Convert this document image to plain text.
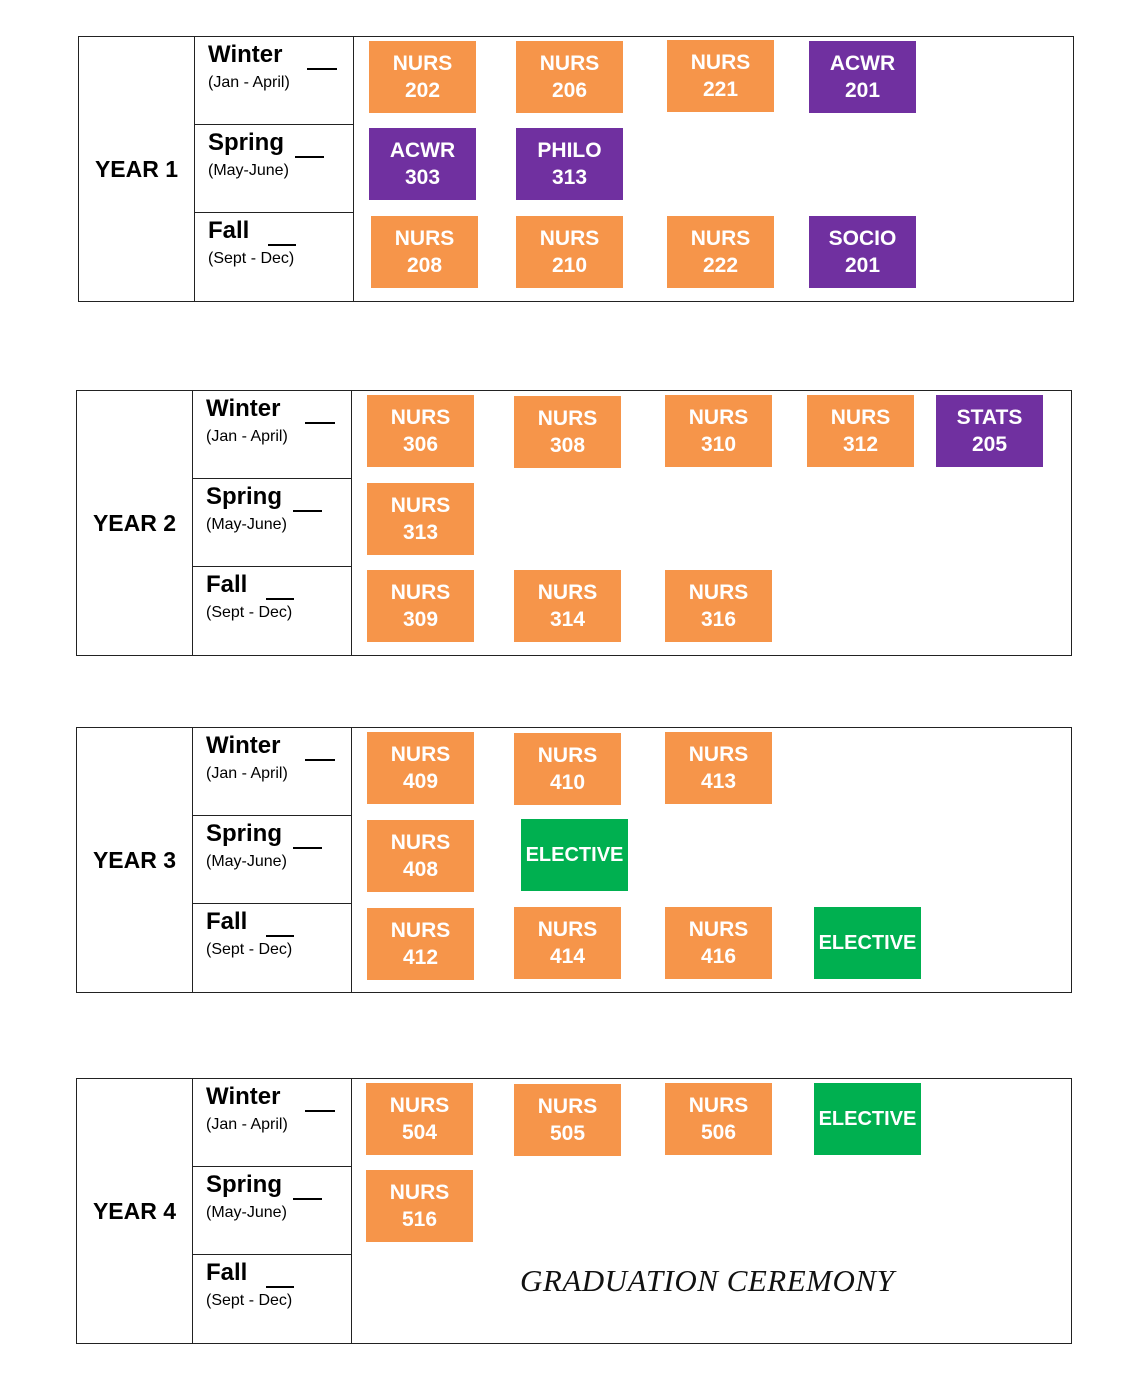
YEAR 1
Winter
(Jan - April)
NURS
202
NURS
206
NURS
221
ACWR
201
Spring
(May-June)
ACWR
303
PHILO
313
Fall
(Sept - Dec)
NURS
208
NURS
210
NURS
222
SOCIO
201
YEAR 2
Winter
(Jan - April)
NURS
306
NURS
308
NURS
310
NURS
312
STATS
205
Spring
(May-June)
NURS
313
Fall
(Sept - Dec)
NURS
309
NURS
314
NURS
316
YEAR 3
Winter
(Jan - April)
NURS
409
NURS
410
NURS
413
Spring
(May-June)
NURS
408
ELECTIVE
Fall
(Sept - Dec)
NURS
412
NURS
414
NURS
416
ELECTIVE
YEAR 4
Winter
(Jan - April)
NURS
504
NURS
505
NURS
506
ELECTIVE
Spring
(May-June)
NURS
516
Fall
(Sept - Dec)
GRADUATION CEREMONY
